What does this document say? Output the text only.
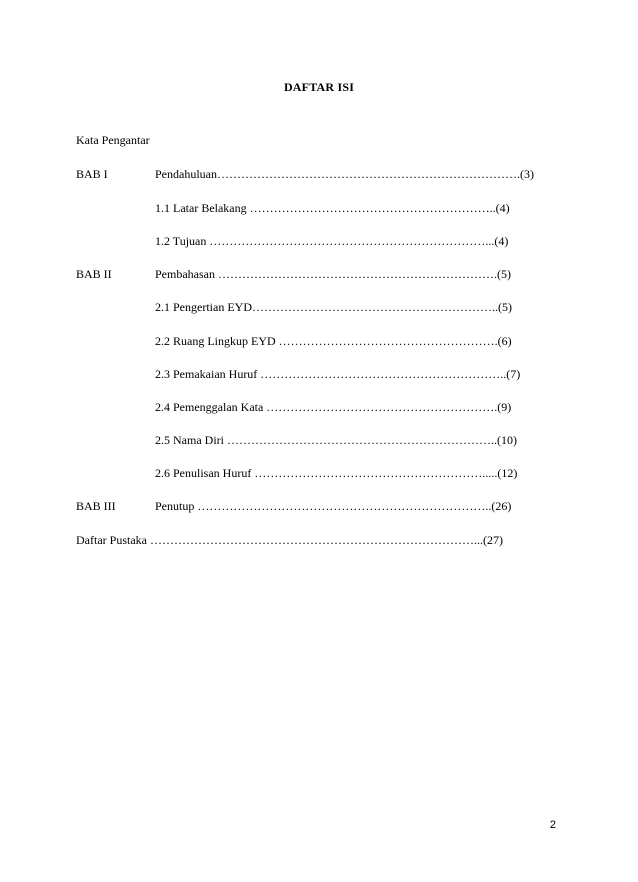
DAFTAR ISI
Kata Pengantar
BAB I	Pendahuluan………………………………………………………………….(3)
1.1 Latar Belakang ……………………………………………………..(4)
1.2 Tujuan ……………………………………………………………...(4)
BAB II	Pembahasan …………………………………………………………….(5)
2.1 Pengertian EYD……………………………………………………..(5)
2.2 Ruang Lingkup EYD ……………………………………………….(6)
2.3 Pemakaian Huruf ……………………………………………………..(7)
2.4 Pemenggalan Kata ………………………………………………….(9)
2.5 Nama Diri …………………………………………………………..(10)
2.6 Penulisan Huruf ………………………………………………….....(12)
BAB III	Penutup ………………………………………………………………..(26)
Daftar Pustaka ………………………………………………………………………...(27)
2
